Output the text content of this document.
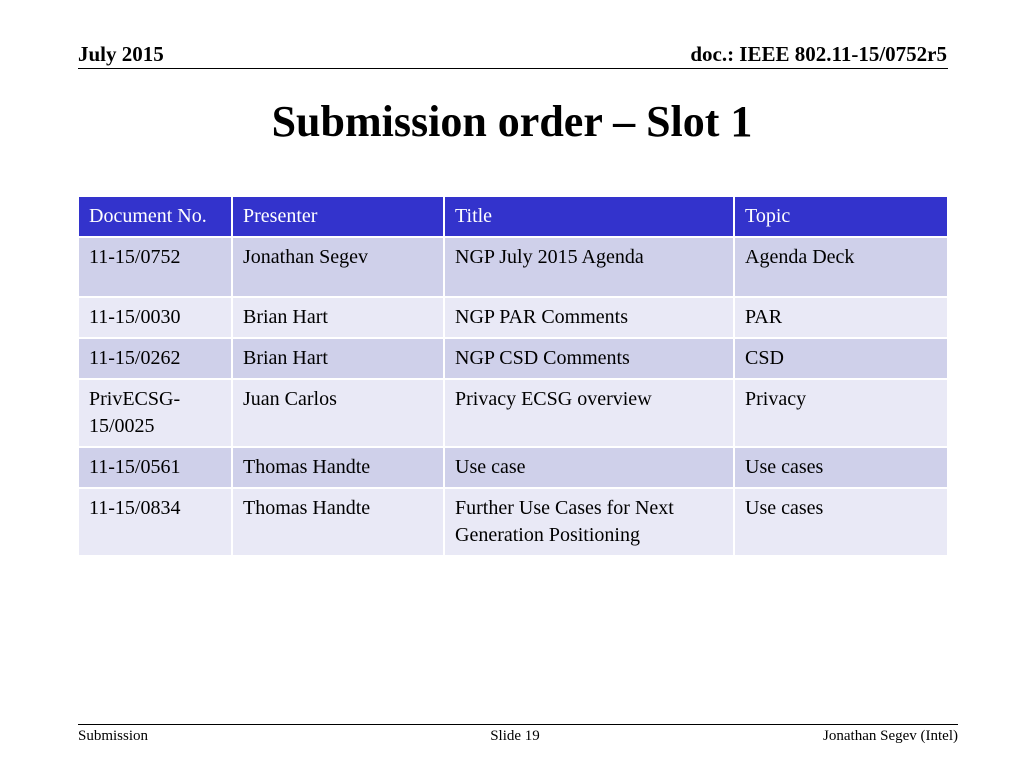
July 2015	doc.: IEEE 802.11-15/0752r5
Submission order – Slot 1
Document No.	Presenter	Title	Topic
11-15/0752	Jonathan Segev	NGP July 2015 Agenda	Agenda Deck
11-15/0030	Brian Hart	NGP PAR Comments	PAR
11-15/0262	Brian Hart	NGP CSD Comments	CSD
PrivECSG-15/0025	Juan Carlos	Privacy ECSG overview	Privacy
11-15/0561	Thomas Handte	Use case	Use cases
11-15/0834	Thomas Handte	Further Use Cases for Next Generation Positioning	Use cases
Submission	Slide 19	Jonathan Segev (Intel)
